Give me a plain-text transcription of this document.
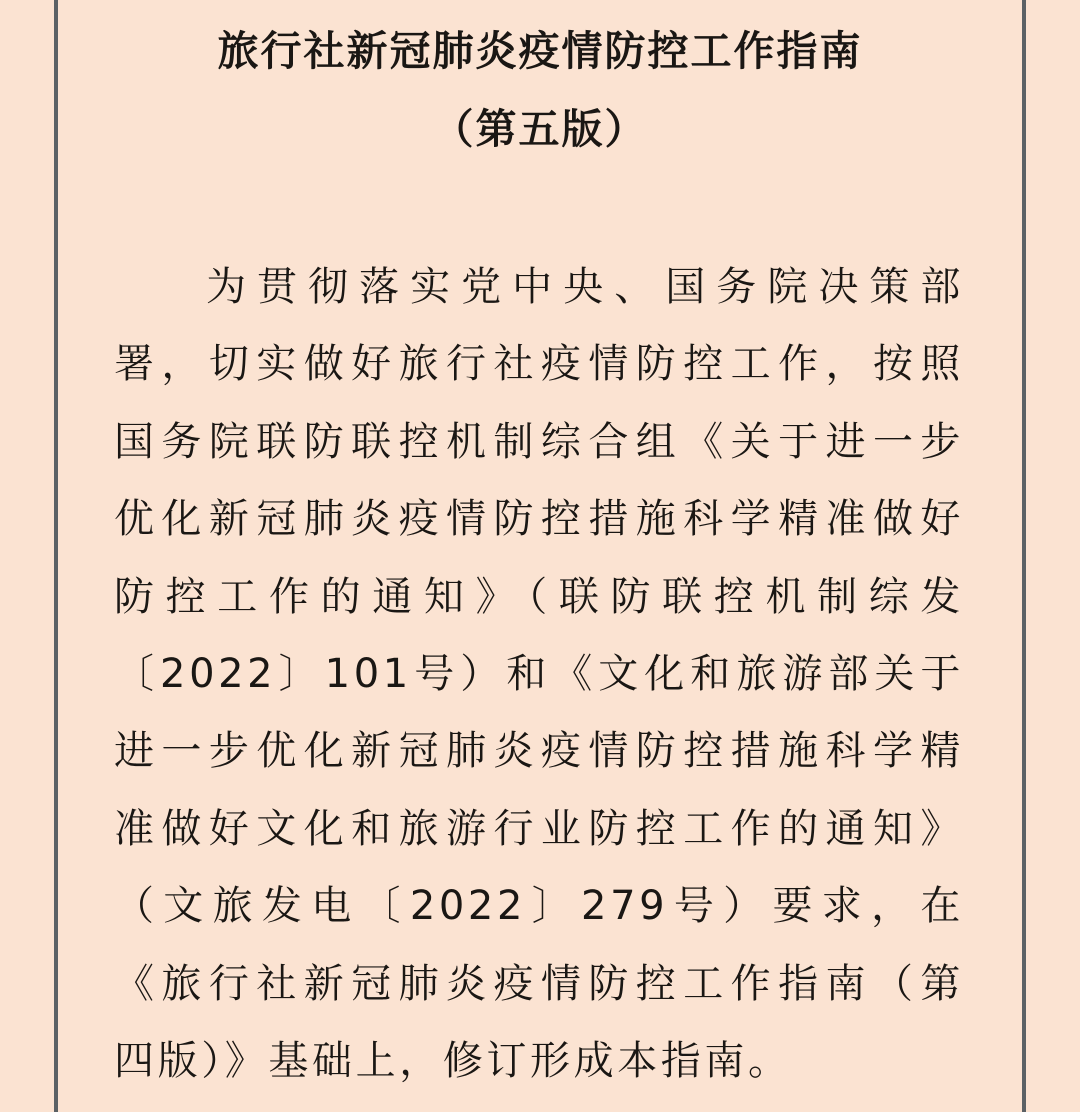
旅行社新冠肺炎疫情防控工作指南
（第五版）
为贯彻落实党中央、国务院决策部
署，切实做好旅行社疫情防控工作，按照
国务院联防联控机制综合组《关于进一步
优化新冠肺炎疫情防控措施科学精准做好
防控工作的通知》（联防联控机制综发
〔2022〕101号）和《文化和旅游部关于
进一步优化新冠肺炎疫情防控措施科学精
准做好文化和旅游行业防控工作的通知》
（文旅发电〔2022〕279号）要求，在
《旅行社新冠肺炎疫情防控工作指南（第
四版）》基础上，修订形成本指南。
